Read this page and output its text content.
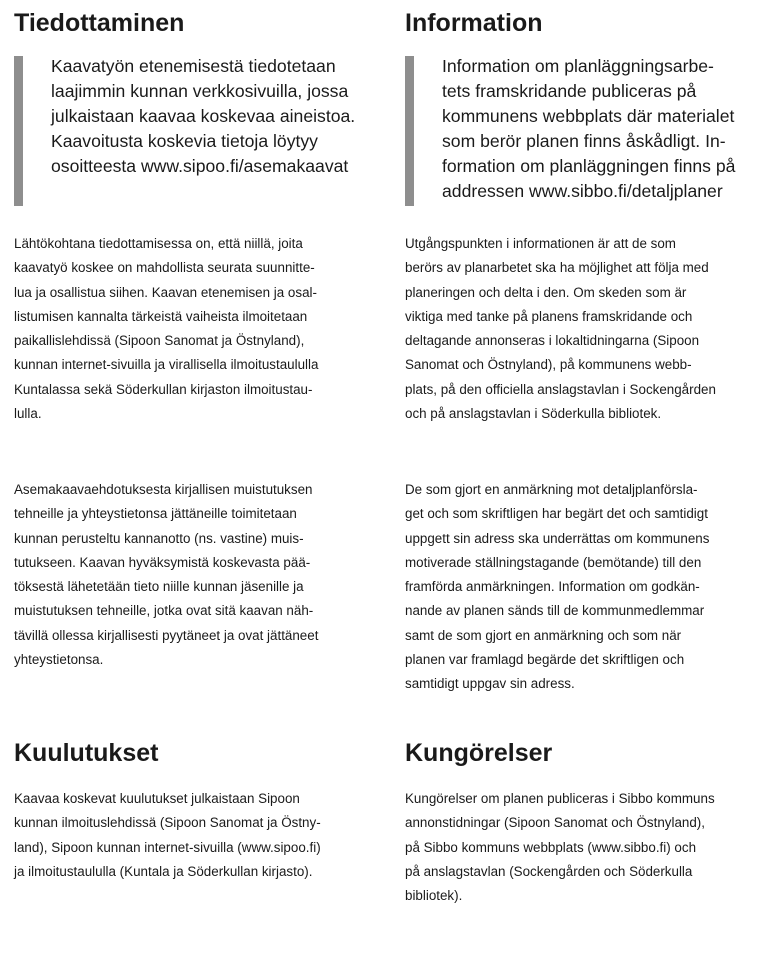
Tiedottaminen

Kaavatyön etenemisestä tiedotetaan
laajimmin kunnan verkkosivuilla, jossa
julkaistaan kaavaa koskevaa aineistoa.
Kaavoitusta koskevia tietoja löytyy
osoitteesta www.sipoo.fi/asemakaavat

Lähtökohtana tiedottamisessa on, että niillä, joita
kaavatyö koskee on mahdollista seurata suunnitte-
lua ja osallistua siihen. Kaavan etenemisen ja osal-
listumisen kannalta tärkeistä vaiheista ilmoitetaan
paikallislehdissä (Sipoon Sanomat ja Östnyland),
kunnan internet-sivuilla ja virallisella ilmoitustaululla
Kuntalassa sekä Söderkullan kirjaston ilmoitustau-
lulla.

Asemakaavaehdotuksesta kirjallisen muistutuksen
tehneille ja yhteystietonsa jättäneille toimitetaan
kunnan perusteltu kannanotto (ns. vastine) muis-
tutukseen. Kaavan hyväksymistä koskevasta pää-
töksestä lähetetään tieto niille kunnan jäsenille ja
muistutuksen tehneille, jotka ovat sitä kaavan näh-
tävillä ollessa kirjallisesti pyytäneet ja ovat jättäneet
yhteystietonsa.

Kuulutukset

Kaavaa koskevat kuulutukset julkaistaan Sipoon
kunnan ilmoituslehdissä (Sipoon Sanomat ja Östny-
land), Sipoon kunnan internet-sivuilla (www.sipoo.fi)
ja ilmoitustaululla (Kuntala ja Söderkullan kirjasto).

Information

Information om planläggningsarbe-
tets framskridande publiceras på
kommunens webbplats där materialet
som berör planen finns åskådligt. In-
formation om planläggningen finns på
addressen www.sibbo.fi/detaljplaner

Utgångspunkten i informationen är att de som
berörs av planarbetet ska ha möjlighet att följa med
planeringen och delta i den. Om skeden som är
viktiga med tanke på planens framskridande och
deltagande annonseras i lokaltidningarna (Sipoon
Sanomat och Östnyland), på kommunens webb-
plats, på den officiella anslagstavlan i Sockengården
och på anslagstavlan i Söderkulla bibliotek.

De som gjort en anmärkning mot detaljplanförsla-
get och som skriftligen har begärt det och samtidigt
uppgett sin adress ska underrättas om kommunens
motiverade ställningstagande (bemötande) till den
framförda anmärkningen. Information om godkän-
nande av planen sänds till de kommunmedlemmar
samt de som gjort en anmärkning och som när
planen var framlagd begärde det skriftligen och
samtidigt uppgav sin adress.

Kungörelser

Kungörelser om planen publiceras i Sibbo kommuns
annonstidningar (Sipoon Sanomat och Östnyland),
på Sibbo kommuns webbplats (www.sibbo.fi) och
på anslagstavlan (Sockengården och Söderkulla
bibliotek).
